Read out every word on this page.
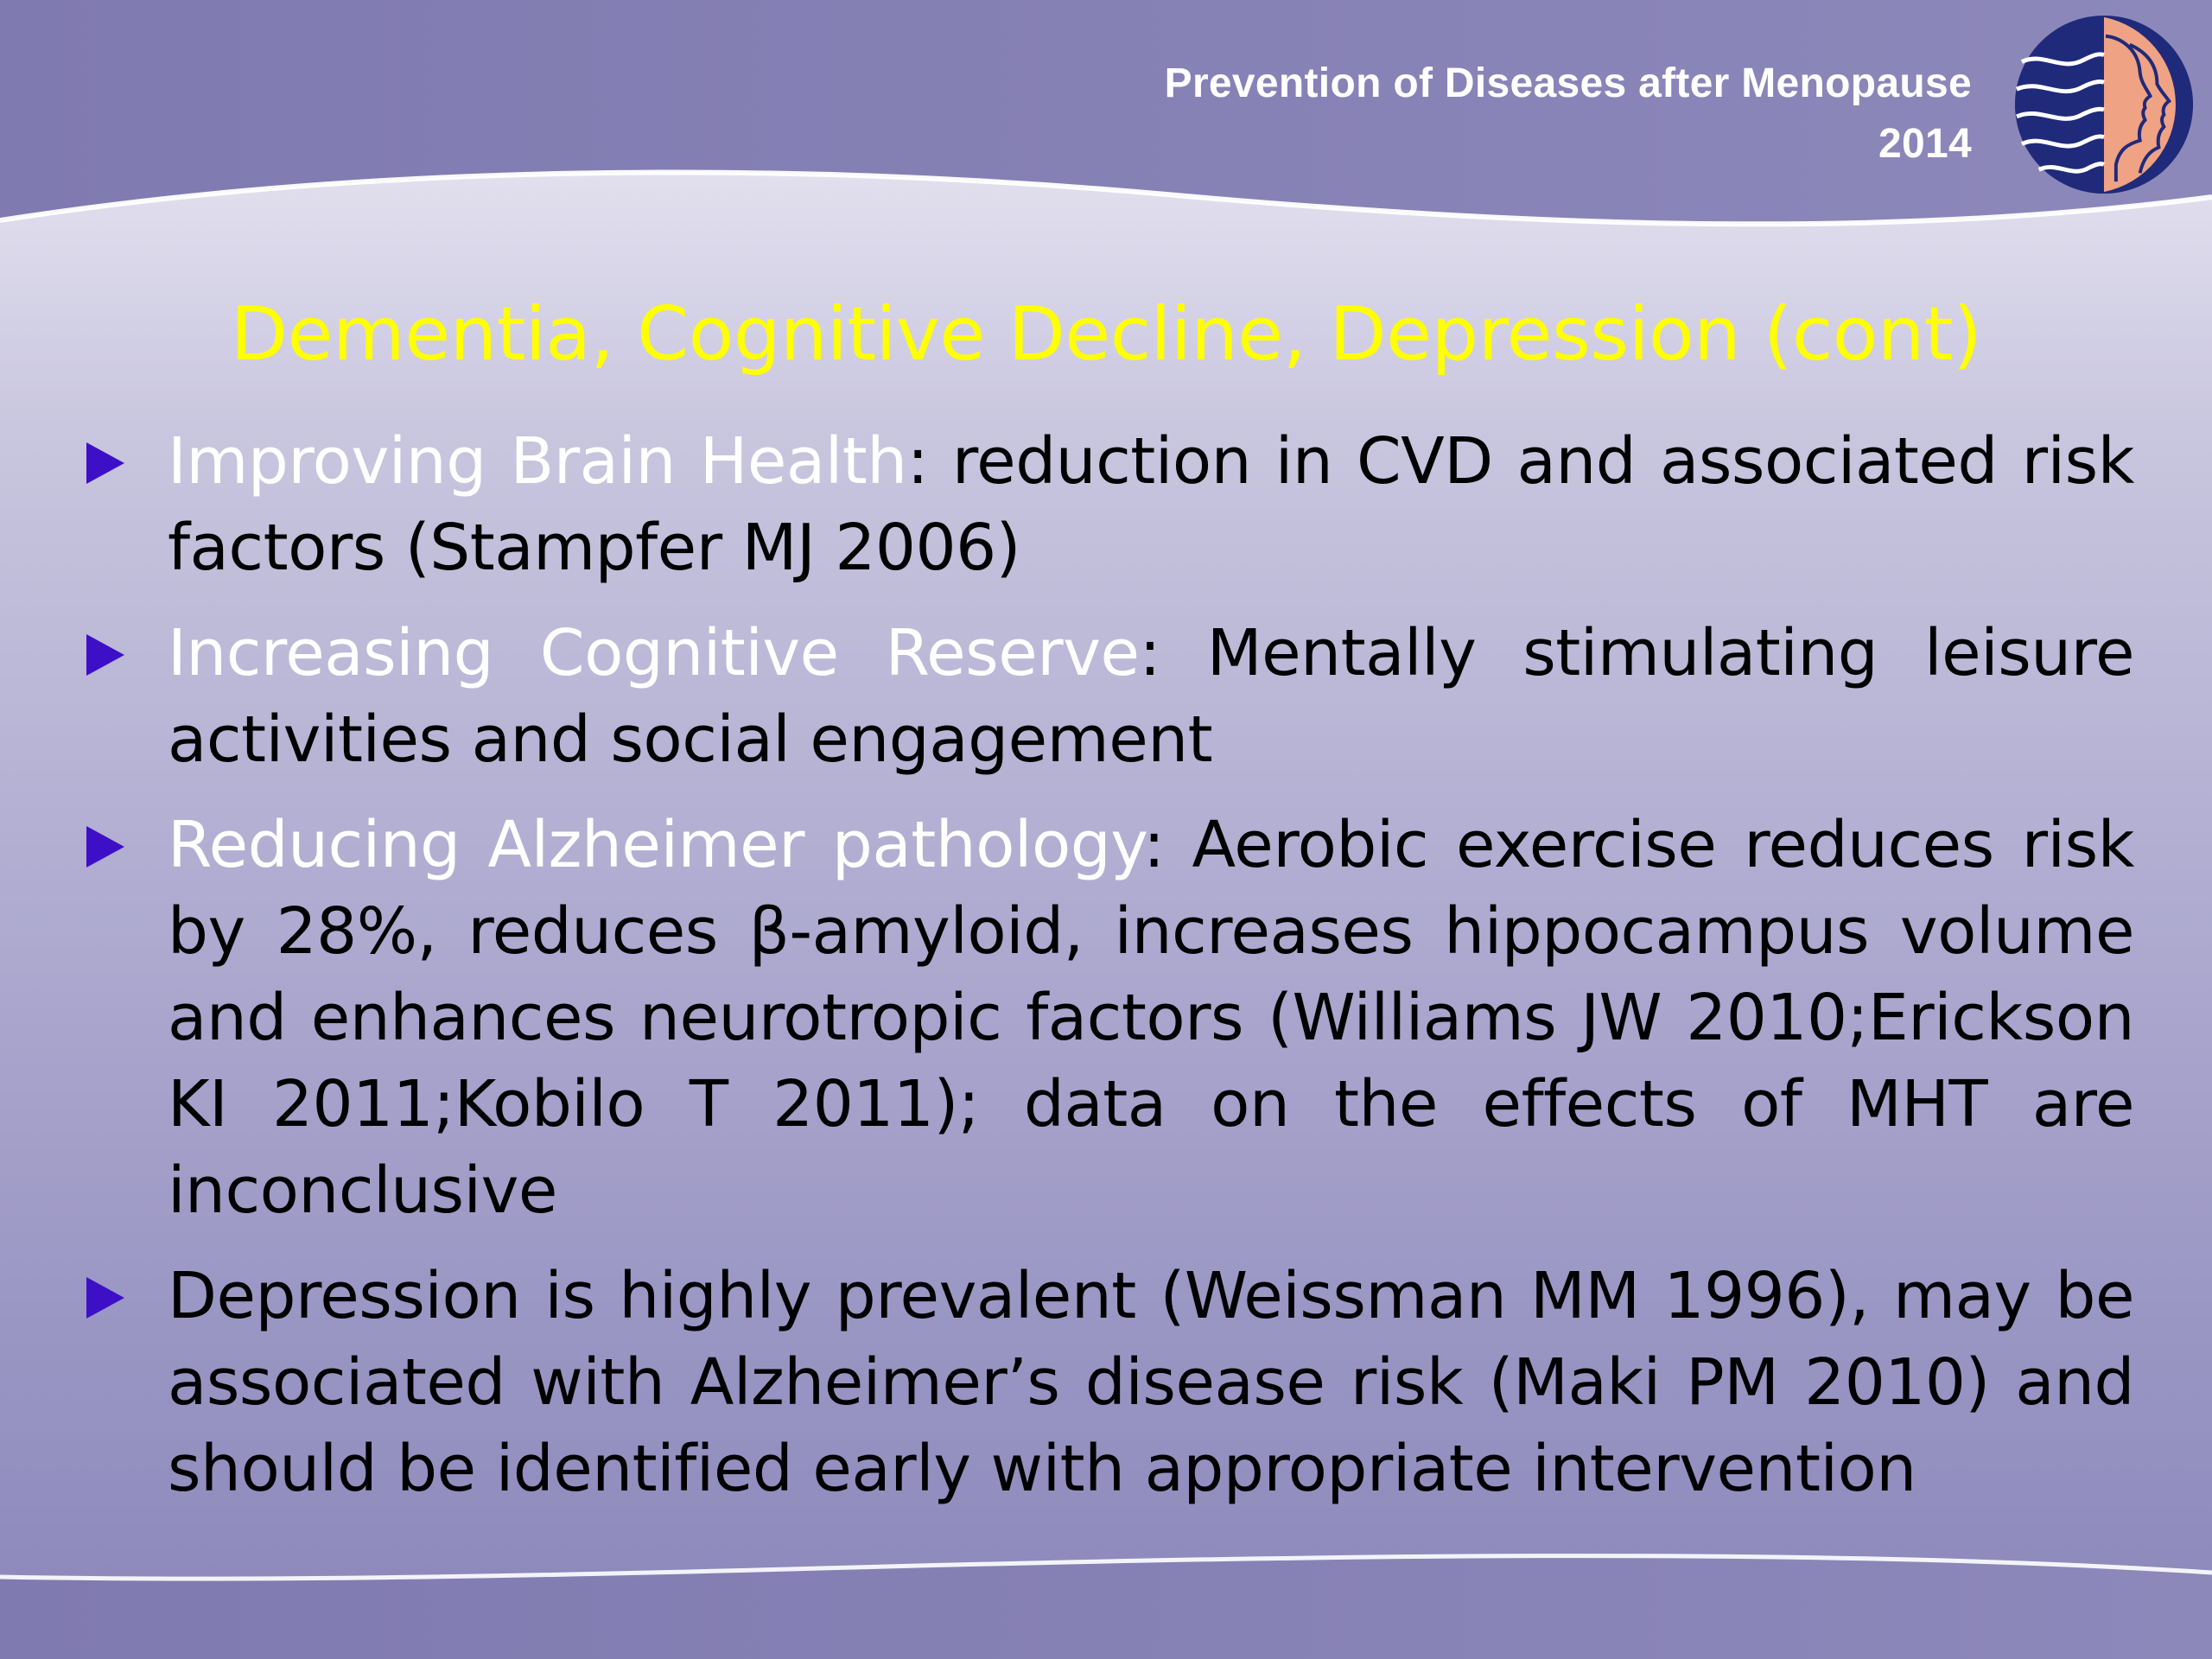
Prevention of Diseases after Menopause
2014
Dementia, Cognitive Decline, Depression (cont)
Improving Brain Health: reduction in CVD and associated risk factors (Stampfer MJ 2006)
Increasing Cognitive Reserve: Mentally stimulating leisure activities and social engagement
Reducing Alzheimer pathology: Aerobic exercise reduces risk by 28%, reduces β-amyloid, increases hippocampus volume and enhances neurotropic factors (Williams JW 2010;Erickson KI 2011;Kobilo T 2011); data on the effects of MHT are inconclusive
Depression is highly prevalent (Weissman MM 1996), may be associated with Alzheimer’s disease risk (Maki PM 2010) and should be identified early with appropriate intervention
